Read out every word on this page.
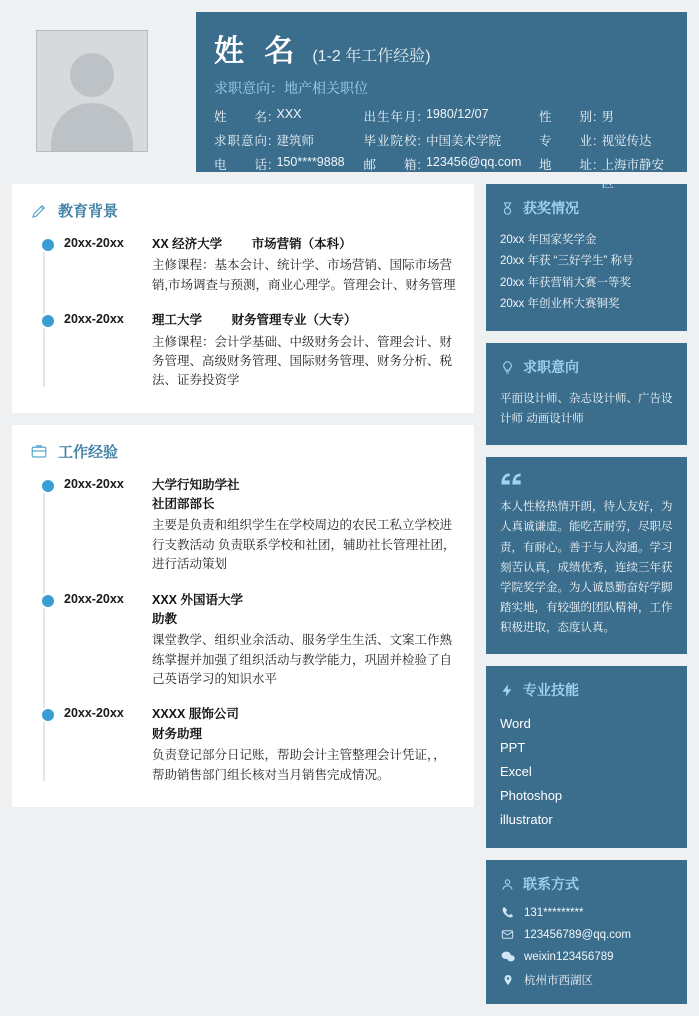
姓 名 (1-2 年工作经验)
求职意向：地产相关职位
姓　　名: XXX	出生年月: 1980/12/07	性　　别: 男
求职意向: 建筑师	毕业院校: 中国美术学院	专　　业: 视觉传达
电　　话: 150****9888 邮　　箱: 123456@qq.com 地　　址: 上海市静安区
教育背景
20xx-20xx	XX 经济大学 市场营销（本科）
主修课程：基本会计、统计学、市场营销、国际市场营销,市场调查与预测，商业心理学。管理会计、财务管理
20xx-20xx	理工大学 财务管理专业（大专）
主修课程：会计学基础、中级财务会计、管理会计、财务管理、高级财务管理、国际财务管理、财务分析、税法、证券投资学
工作经验
20xx-20xx	大学行知助学社
社团部部长
主要是负责和组织学生在学校周边的农民工私立学校进行支教活动 负责联系学校和社团，辅助社长管理社团，进行活动策划
20xx-20xx	XXX 外国语大学
助教
课堂教学、组织业余活动、服务学生生活、文案工作熟练掌握并加强了组织活动与教学能力，巩固并检验了自己英语学习的知识水平
20xx-20xx	XXXX 服饰公司
财务助理
负责登记部分日记账，帮助会计主管整理会计凭证，，帮助销售部门组长核对当月销售完成情况。
获奖情况
20xx 年国家奖学金
20xx 年获 “三好学生” 称号
20xx 年获营销大赛一等奖
20xx 年创业杯大赛铜奖
求职意向
平面设计师、杂志设计师、广告设计师 动画设计师
本人性格热情开朗，待人友好，为人真诚谦虚。能吃苦耐劳，尽职尽责，有耐心。善于与人沟通。学习刻苦认真，成绩优秀，连续三年获学院奖学金。为人诚恳勤奋好学脚踏实地，有较强的团队精神，工作积极进取，态度认真。
专业技能
Word
PPT
Excel
Photoshop
illustrator
联系方式
131*********
123456789@qq.com
weixin123456789
杭州市西湖区
